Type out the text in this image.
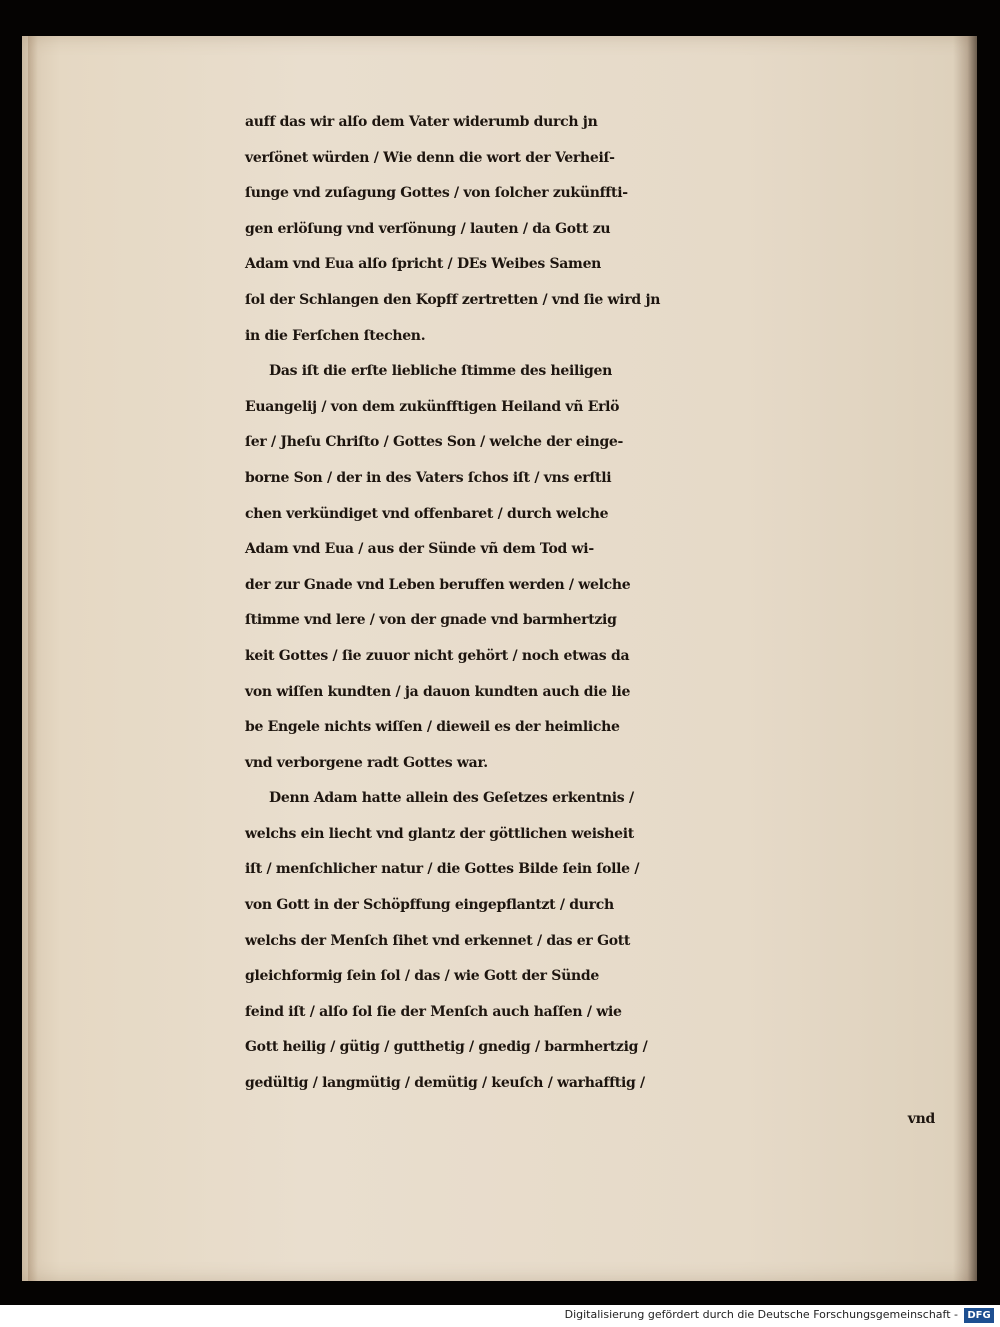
auff das wir alſo dem Vater widerumb durch jn
verſönet würden / Wie denn die wort der Verheiſ-
ſunge vnd zuſagung Gottes / von ſolcher zukünffti-
gen erlöſung vnd verſönung / lauten / da Gott zu
Adam vnd Eua alſo ſpricht / DEs Weibes Samen
ſol der Schlangen den Kopff zertretten / vnd ſie wird jn
in die Ferſchen ſtechen.
Das iſt die erſte liebliche ſtimme des heiligen
Euangelij / von dem zukünfftigen Heiland vñ Erlö
ſer / Jheſu Chriſto / Gottes Son / welche der einge-
borne Son / der in des Vaters ſchos iſt / vns erſtli
chen verkündiget vnd offenbaret / durch welche
Adam vnd Eua / aus der Sünde vñ dem Tod wi-
der zur Gnade vnd Leben beruffen werden / welche
ſtimme vnd lere / von der gnade vnd barmhertzig
keit Gottes / ſie zuuor nicht gehört / noch etwas da
von wiſſen kundten / ja dauon kundten auch die lie
be Engele nichts wiſſen / dieweil es der heimliche
vnd verborgene radt Gottes war.
Denn Adam hatte allein des Geſetzes erkentnis /
welchs ein liecht vnd glantz der göttlichen weisheit
iſt / menſchlicher natur / die Gottes Bilde ſein ſolle /
von Gott in der Schöpffung eingepflantzt / durch
welchs der Menſch ſihet vnd erkennet / das er Gott
gleichformig ſein ſol / das / wie Gott der Sünde
feind iſt / alſo ſol ſie der Menſch auch haſſen / wie
Gott heilig / gütig / gutthetig / gnedig / barmhertzig /
gedültig / langmütig / demütig / keuſch / warhafftig /
vnd
Digitalisierung gefördert durch die Deutsche Forschungsgemeinschaft - DFG
